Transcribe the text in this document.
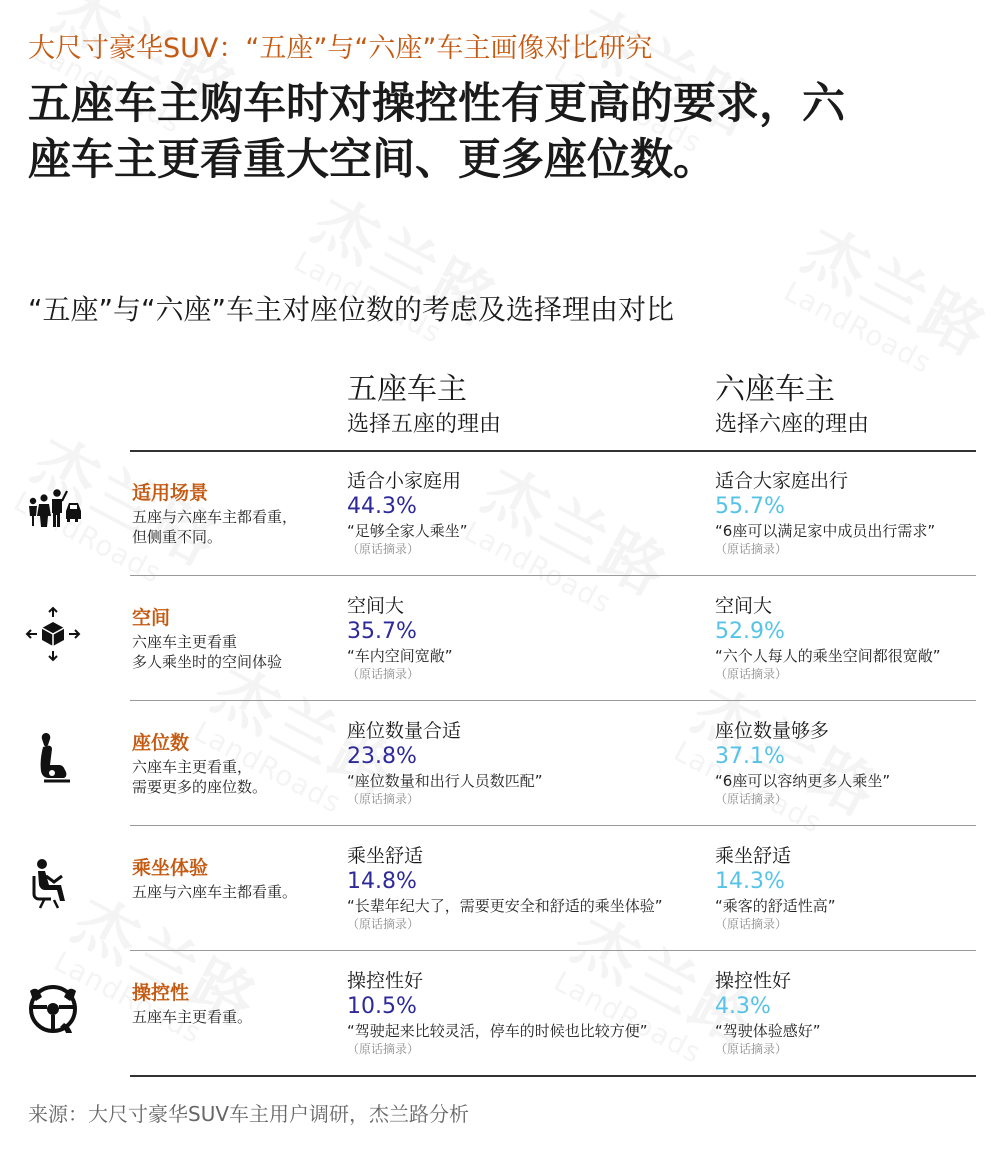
大尺寸豪华SUV：“五座”与“六座”车主画像对比研究
五座车主购车时对操控性有更高的要求，六座车主更看重大空间、更多座位数。
“五座”与“六座”车主对座位数的考虑及选择理由对比
五座车主
选择五座的理由
六座车主
选择六座的理由
适用场景
五座与六座车主都看重，
但侧重不同。
适合小家庭用
44.3%
“足够全家人乘坐”
（原话摘录）
适合大家庭出行
55.7%
“6座可以满足家中成员出行需求”
（原话摘录）
空间
六座车主更看重
多人乘坐时的空间体验
空间大
35.7%
“车内空间宽敞”
（原话摘录）
空间大
52.9%
“六个人每人的乘坐空间都很宽敞”
（原话摘录）
座位数
六座车主更看重，
需要更多的座位数。
座位数量合适
23.8%
“座位数量和出行人员数匹配”
（原话摘录）
座位数量够多
37.1%
“6座可以容纳更多人乘坐”
（原话摘录）
乘坐体验
五座与六座车主都看重。
乘坐舒适
14.8%
“长辈年纪大了，需要更安全和舒适的乘坐体验”
（原话摘录）
乘坐舒适
14.3%
“乘客的舒适性高”
（原话摘录）
操控性
五座车主更看重。
操控性好
10.5%
“驾驶起来比较灵活，停车的时候也比较方便”
（原话摘录）
操控性好
4.3%
“驾驶体验感好”
（原话摘录）
来源：大尺寸豪华SUV车主用户调研，杰兰路分析
